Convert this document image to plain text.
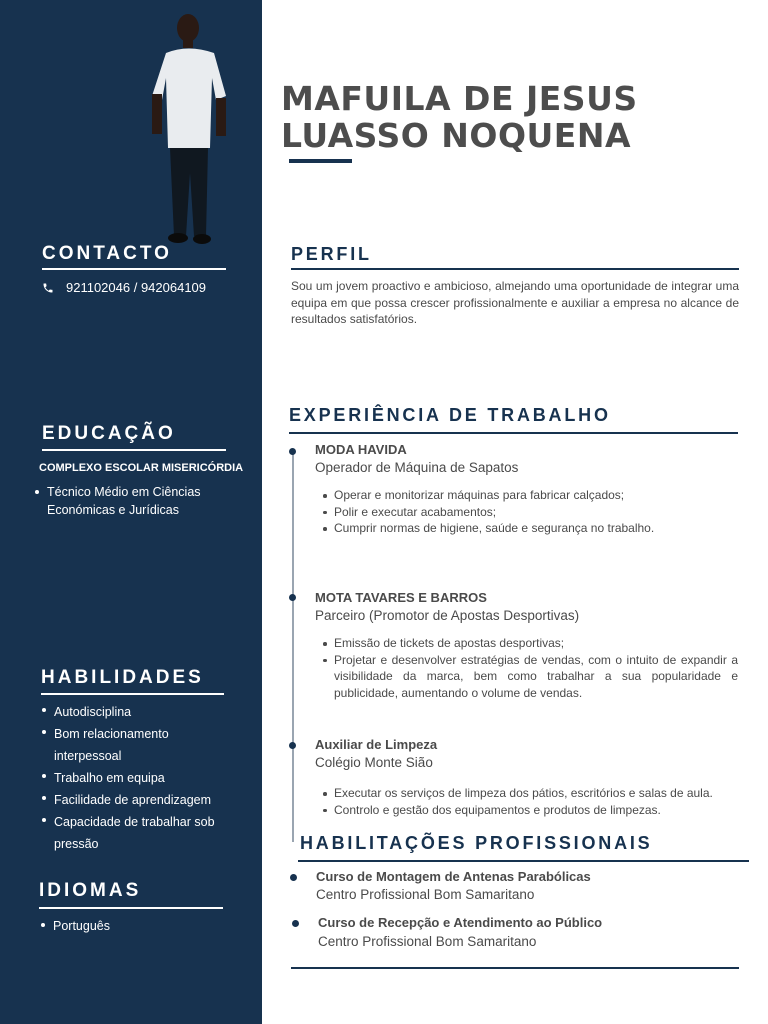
CONTACTO
921102046 / 942064109
EDUCAÇÃO
COMPLEXO ESCOLAR MISERICÓRDIA
Técnico Médio em Ciências Económicas e Jurídicas
HABILIDADES
Autodisciplina
Bom relacionamento interpessoal
Trabalho em equipa
Facilidade de aprendizagem
Capacidade de trabalhar sob pressão
IDIOMAS
Português
MAFUILA DE JESUS
LUASSO NOQUENA
PERFIL
Sou um jovem proactivo e ambicioso, almejando uma oportunidade de integrar uma equipa em que possa crescer profissionalmente e auxiliar a empresa no alcance de resultados satisfatórios.
EXPERIÊNCIA DE TRABALHO
MODA HAVIDA
Operador de Máquina de Sapatos
Operar e monitorizar máquinas para fabricar calçados;
Polir e executar acabamentos;
Cumprir normas de higiene, saúde e segurança no trabalho.
MOTA TAVARES E BARROS
Parceiro (Promotor de Apostas Desportivas)
Emissão de tickets de apostas desportivas;
Projetar e desenvolver estratégias de vendas, com o intuito de expandir a visibilidade da marca, bem como trabalhar a sua popularidade e publicidade, aumentando o volume de vendas.
Auxiliar de Limpeza
Colégio Monte Sião
Executar os serviços de limpeza dos pátios, escritórios e salas de aula.
Controlo e gestão dos equipamentos e produtos de limpezas.
HABILITAÇÕES PROFISSIONAIS
Curso de Montagem de Antenas Parabólicas
Centro Profissional Bom Samaritano
Curso de Recepção e Atendimento ao Público
Centro Profissional Bom Samaritano
